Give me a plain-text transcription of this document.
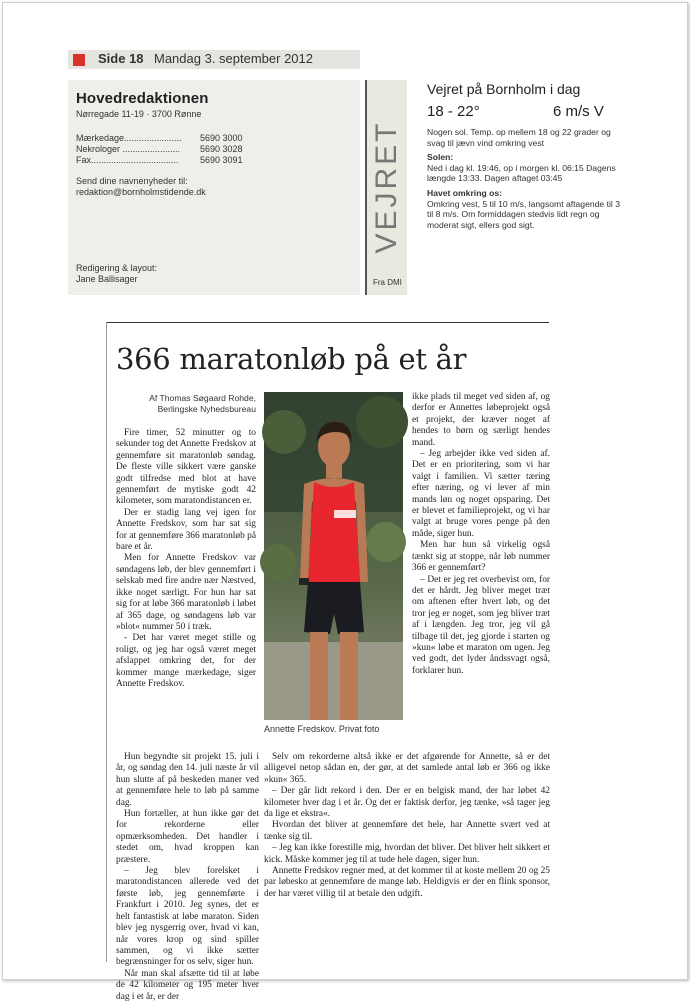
Side 18 Mandag 3. september 2012
Hovedredaktionen
Nørregade 11-19 · 3700 Rønne
Mærkedage.......................	5690 3000
Nekrologer .......................	5690 3028
Fax...................................	5690 3091
Send dine navnenyheder til:
redaktion@bornholmstidende.dk
Redigering & layout:
Jane Ballisager
VEJRET
Fra DMI
Vejret på Bornholm i dag
18 - 22°	6 m/s V

Nogen sol. Temp. op mellem 18 og 22 grader og svag til jævn vind omkring vest

Solen:

Ned i dag kl. 19:46, op i morgen kl. 06:15 Dagens længde 13:33. Dagen aftaget 03:45

Havet omkring os:

Omkring vest, 5 til 10 m/s, langsomt aftagende til 3 til 8 m/s. Om formiddagen stedvis lidt regn og moderat sigt, ellers god sigt.

366 maratonløb på et år
Af Thomas Søgaard Rohde,
Berlingske Nyhedsbureau

Fire timer, 52 minutter og to sekunder tog det Annette Fredskov at gennemføre sit maratonløb søndag. De fleste ville sikkert være ganske godt tilfredse med blot at have gennemført de mytiske godt 42 kilometer, som maratondistancen er.

Der er stadig lang vej igen for Annette Fredskov, som har sat sig for at gennemføre 366 maratonløb på bare et år.

Men for Annette Fredskov var søndagens løb, der blev gennemført i selskab med fire andre nær Næstved, ikke noget særligt. For hun har sat sig for at løbe 366 maratonløb i løbet af 365 dage, og søndagens løb var »blot« nummer 50 i træk.

- Det har været meget stille og roligt, og jeg har også været meget afslappet omkring det, for der kommer mange mærkedage, siger Annette Fredskov.

Annette Fredskov. Privat foto

ikke plads til meget ved siden af, og derfor er Annettes løbeprojekt også et projekt, der kræver noget af hendes to børn og særligt hendes mand.

– Jeg arbejder ikke ved siden af. Det er en prioritering, som vi har valgt i familien. Vi sætter tæring efter næring, og vi lever af min mands løn og noget opsparing. Det er blevet et familieprojekt, og vi har valgt at bruge vores penge på den måde, siger hun.

Men har hun så virkelig også tænkt sig at stoppe, når løb nummer 366 er gennemført?

– Det er jeg ret overbevist om, for det er hårdt. Jeg bliver meget træt om aftenen efter hvert løb, og det tror jeg er noget, som jeg bliver træt af i længden. Jeg tror, jeg vil gå tilbage til det, jeg gjorde i starten og »kun« løbe et maraton om ugen. Jeg ved godt, det lyder åndssvagt også, forklarer hun.

Hun begyndte sit projekt 15. juli i år, og søndag den 14. juli næste år vil hun slutte af på beskeden maner ved at gennemføre hele to løb på samme dag.

Hun fortæller, at hun ikke gør det for rekorderne eller opmærksomheden. Det handler i stedet om, hvad kroppen kan præstere.

– Jeg blev forelsket i maratondistancen allerede ved det første løb, jeg gennemførte i Frankfurt i 2010. Jeg synes, det er helt fantastisk at løbe maraton. Siden blev jeg nysgerrig over, hvad vi kan, når vores krop og sind spiller sammen, og vi ikke sætter begrænsninger for os selv, siger hun.

Når man skal afsætte tid til at løbe de 42 kilometer og 195 meter hver dag i et år, er der

Selv om rekorderne altså ikke er det afgørende for Annette, så er det alligevel netop sådan en, der gør, at det samlede antal løb er 366 og ikke »kun« 365.

– Der går lidt rekord i den. Der er en belgisk mand, der har løbet 42 kilometer hver dag i et år. Og det er faktisk derfor, jeg tænke, »så tager jeg da lige et ekstra«.

Hvordan det bliver at gennemføre det hele, har Annette svært ved at tænke sig til.

– Jeg kan ikke forestille mig, hvordan det bliver. Det bliver helt sikkert et kick. Måske kommer jeg til at tude hele dagen, siger hun.

Annette Fredskov regner med, at det kommer til at koste mellem 20 og 25 par løbesko at gennemføre de mange løb. Heldigvis er der en flink sponsor, der har været villig til at betale den udgift.
